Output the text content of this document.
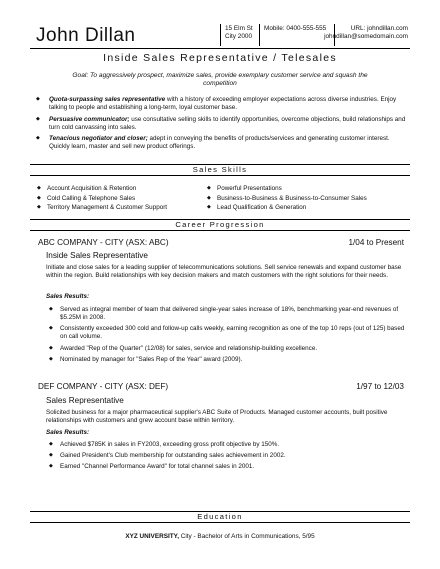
John Dillan	15 Elm St
City 2000
Mobile: 0400-555-555	URL: johndillan.com
johndillan@somedomain.com
Inside Sales Representative / Telesales
Goal: To aggressively prospect, maximize sales, provide exemplary customer service and squash the competition
◆ Quota-surpassing sales representative with a history of exceeding employer expectations across diverse industries. Enjoy talking to people and establishing a long-term, loyal customer base.
◆ Persuasive communicator; use consultative selling skills to identify opportunities, overcome objections, build relationships and turn cold canvassing into sales.
◆ Tenacious negotiator and closer; adept in conveying the benefits of products/services and generating customer interest. Quickly learn, master and sell new product offerings.
Sales Skills
◆ Account Acquisition & Retention
◆ Cold Calling & Telephone Sales
◆ Territory Management & Customer Support
◆ Powerful Presentations
◆ Business-to-Business & Business-to-Consumer Sales
◆ Lead Qualification & Generation
Career Progression
ABC COMPANY - CITY (ASX: ABC)	1/04 to Present
Inside Sales Representative
Initiate and close sales for a leading supplier of telecommunications solutions. Sell service renewals and expand customer base within the region. Build relationships with key decision makers and match customers with the right solutions for their needs.
Sales Results:
◆ Served as integral member of team that delivered single-year sales increase of 18%, benchmarking year-end revenues of $5.25M in 2008.
◆ Consistently exceeded 300 cold and follow-up calls weekly, earning recognition as one of the top 10 reps (out of 125) based on call volume.
◆ Awarded "Rep of the Quarter" (12/08) for sales, service and relationship-building excellence.
◆ Nominated by manager for "Sales Rep of the Year" award (2009).
DEF COMPANY - CITY (ASX: DEF)	1/97 to 12/03
Sales Representative
Solicited business for a major pharmaceutical supplier's ABC Suite of Products. Managed customer accounts, built positive relationships with customers and grew account base within territory.
Sales Results:
◆ Achieved $785K in sales in FY2003, exceeding gross profit objective by 150%.
◆ Gained President's Club membership for outstanding sales achievement in 2002.
◆ Earned "Channel Performance Award" for total channel sales in 2001.
Education
XYZ UNIVERSITY, City - Bachelor of Arts in Communications, 5/95
